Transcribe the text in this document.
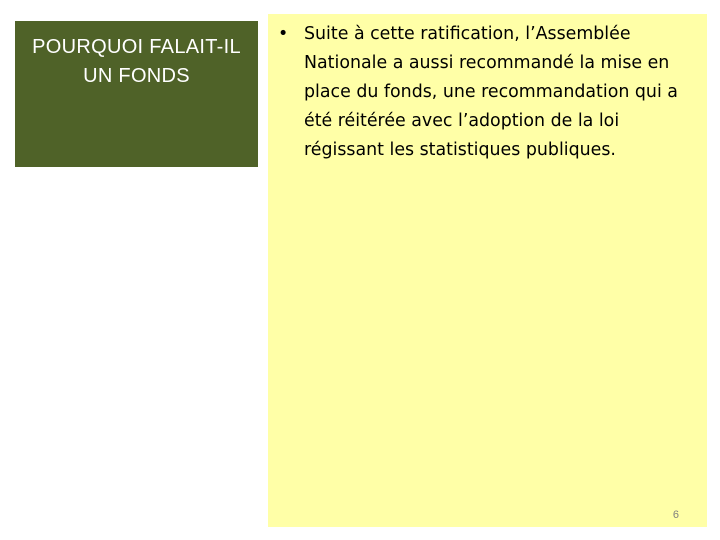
POURQUOI FALAIT-IL UN FONDS
• Suite à cette ratification, l’Assemblée Nationale a aussi recommandé la mise en place du fonds, une recommandation qui a été réitérée avec l’adoption de la loi régissant les statistiques publiques.
6
